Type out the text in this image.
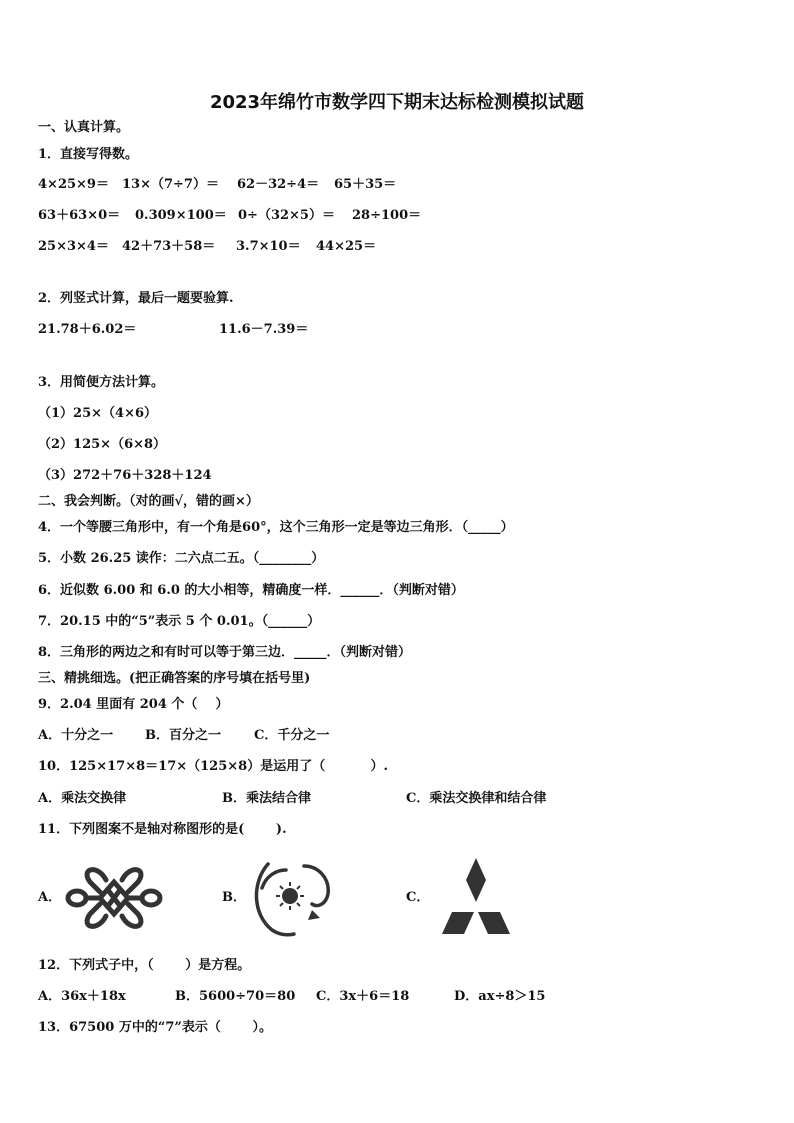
2023年绵竹市数学四下期末达标检测模拟试题
一、认真计算。
1．直接写得数。
4×25×9＝ 13×（7÷7）＝ 62－32÷4＝ 65＋35＝
63＋63×0＝ 0.309×100＝ 0÷（32×5）＝ 28÷100＝
25×3×4＝ 42＋73＋58＝ 3.7×10＝ 44×25＝
2．列竖式计算，最后一题要验算.
21.78＋6.02＝	11.6－7.39＝
3．用简便方法计算。
（1）25×（4×6）
（2）125×（6×8）
（3）272＋76＋328＋124
二、我会判断。（对的画√，错的画×）
4．一个等腰三角形中，有一个角是60°，这个三角形一定是等边三角形．（_____）
5．小数 26.25 读作：二六点二五。（________）
6．近似数 6.00 和 6.0 的大小相等，精确度一样．______．（判断对错）
7．20.15 中的“5”表示 5 个 0.01。（______）
8．三角形的两边之和有时可以等于第三边．_____．（判断对错）
三、精挑细选。(把正确答案的序号填在括号里)
9．2.04 里面有 204 个（    ）
A．十分之一 B．百分之一	C．千分之一
10．125×17×8＝17×（125×8）是运用了（          ）.
A．乘法交换律	B．乘法结合律	C．乘法交换律和结合律
11．下列图案不是轴对称图形的是(       ).
A．	B．	C．
12．下列式子中，（       ）是方程。
A．36x＋18x	B．5600÷70＝80 C．3x＋6＝18	D．ax÷8＞15
13．67500 万中的“7”表示（       ）。
